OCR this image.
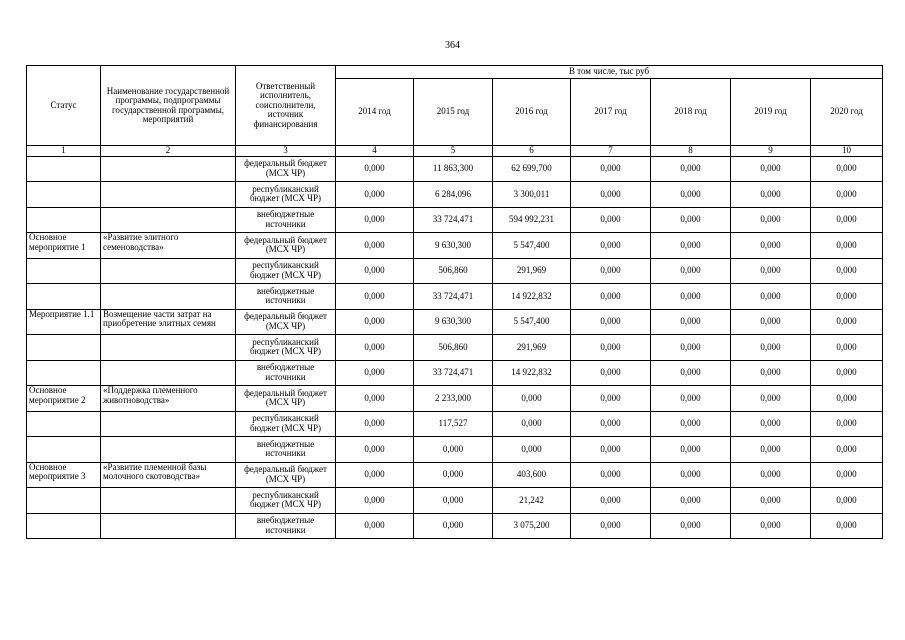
364
Статус	Наименование государственной программы, подпрограммы государственной программы, мероприятий	Ответственный исполнитель, соисполнители, источник финансирования	В том числе, тыс руб						
			2014 год	2015 год	2016 год	2017 год	2018 год	2019 год	2020 год
1	2	3	4	5	6	7	8	9	10
		федеральный бюджет (МСХ ЧР)	0,000	11 863,300	62 699,700	0,000	0,000	0,000	0,000
		республиканский бюджет (МСХ ЧР)	0,000	6 284,096	3 300,011	0,000	0,000	0,000	0,000
		внебюджетные источники	0,000	33 724,471	594 992,231	0,000	0,000	0,000	0,000
Основное мероприятие 1	«Развитие элитного семеноводства»	федеральный бюджет (МСХ ЧР)	0,000	9 630,300	5 547,400	0,000	0,000	0,000	0,000
		республиканский бюджет (МСХ ЧР)	0,000	506,860	291,969	0,000	0,000	0,000	0,000
		внебюджетные источники	0,000	33 724,471	14 922,832	0,000	0,000	0,000	0,000
Мероприятие 1.1	Возмещение части затрат на приобретение элитных семян	федеральный бюджет (МСХ ЧР)	0,000	9 630,300	5 547,400	0,000	0,000	0,000	0,000
		республиканский бюджет (МСХ ЧР)	0,000	506,860	291,969	0,000	0,000	0,000	0,000
		внебюджетные источники	0,000	33 724,471	14 922,832	0,000	0,000	0,000	0,000
Основное мероприятие 2	«Поддержка племенного животноводства»	федеральный бюджет (МСХ ЧР)	0,000	2 233,000	0,000	0,000	0,000	0,000	0,000
		республиканский бюджет (МСХ ЧР)	0,000	117,527	0,000	0,000	0,000	0,000	0,000
		внебюджетные источники	0,000	0,000	0,000	0,000	0,000	0,000	0,000
Основное мероприятие 3	«Развитие племенной базы молочного скотоводства»	федеральный бюджет (МСХ ЧР)	0,000	0,000	403,600	0,000	0,000	0,000	0,000
		республиканский бюджет (МСХ ЧР)	0,000	0,000	21,242	0,000	0,000	0,000	0,000
		внебюджетные источники	0,000	0,000	3 075,200	0,000	0,000	0,000	0,000
